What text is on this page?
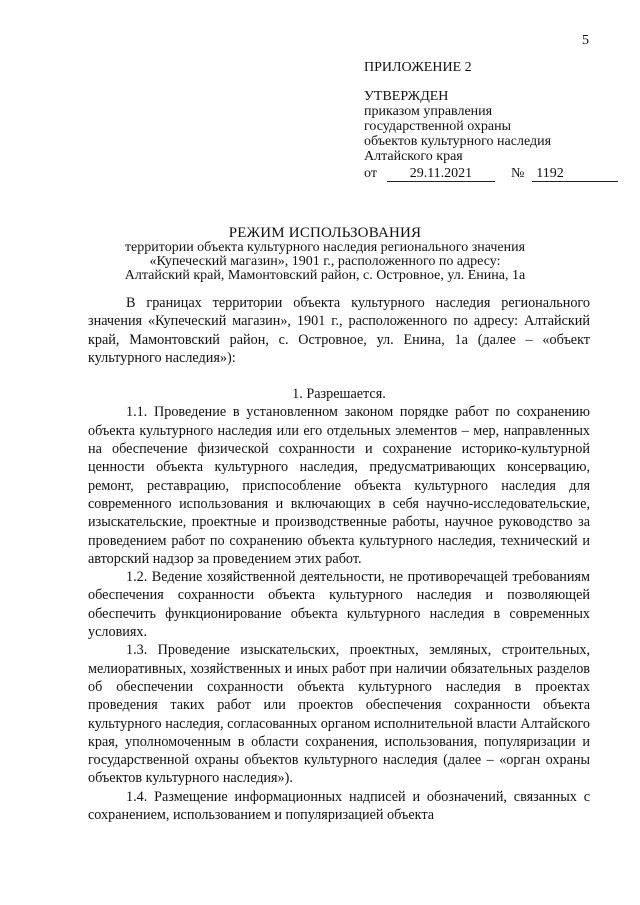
5
ПРИЛОЖЕНИЕ 2
УТВЕРЖДЕН
приказом управления
государственной охраны
объектов культурного наследия
Алтайского края
от 29.11.2021	№ 1192
РЕЖИМ ИСПОЛЬЗОВАНИЯ
территории объекта культурного наследия регионального значения
«Купеческий магазин», 1901 г., расположенного по адресу:
Алтайский край, Мамонтовский район, с. Островное, ул. Енина, 1а

В границах территории объекта культурного наследия регионального значения «Купеческий магазин», 1901 г., расположенного по адресу: Алтайский край, Мамонтовский район, с. Островное, ул. Енина, 1а (далее – «объект культурного наследия»):

1. Разрешается.

1.1. Проведение в установленном законом порядке работ по сохранению объекта культурного наследия или его отдельных элементов – мер, направленных на обеспечение физической сохранности и сохранение историко-культурной ценности объекта культурного наследия, предусматривающих консервацию, ремонт, реставрацию, приспособление объекта культурного наследия для современного использования и включающих в себя научно-исследовательские, изыскательские, проектные и производственные работы, научное руководство за проведением работ по сохранению объекта культурного наследия, технический и авторский надзор за проведением этих работ.

1.2. Ведение хозяйственной деятельности, не противоречащей требованиям обеспечения сохранности объекта культурного наследия и позволяющей обеспечить функционирование объекта культурного наследия в современных условиях.

1.3. Проведение изыскательских, проектных, земляных, строительных, мелиоративных, хозяйственных и иных работ при наличии обязательных разделов об обеспечении сохранности объекта культурного наследия в проектах проведения таких работ или проектов обеспечения сохранности объекта культурного наследия, согласованных органом исполнительной власти Алтайского края, уполномоченным в области сохранения, использования, популяризации и государственной охраны объектов культурного наследия (далее – «орган охраны объектов культурного наследия»).

1.4. Размещение информационных надписей и обозначений, связанных с сохранением, использованием и популяризацией объекта
